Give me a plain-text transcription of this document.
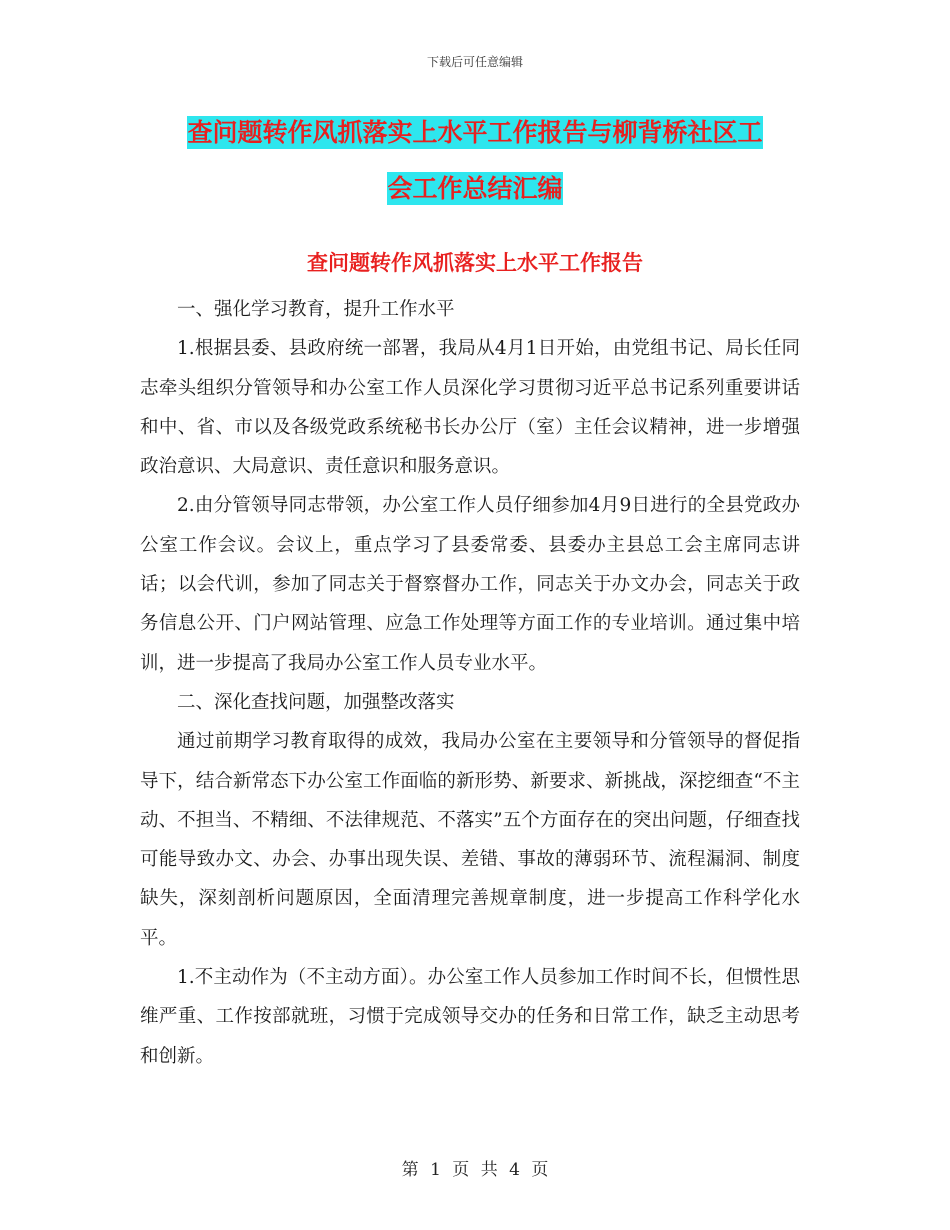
下载后可任意编辑
查问题转作风抓落实上水平工作报告与柳背桥社区工
会工作总结汇编
查问题转作风抓落实上水平工作报告

一、强化学习教育，提升工作水平

1.根据县委、县政府统一部署，我局从4月1日开始，由党组书记、局长任同志牵头组织分管领导和办公室工作人员深化学习贯彻习近平总书记系列重要讲话和中、省、市以及各级党政系统秘书长办公厅（室）主任会议精神，进一步增强政治意识、大局意识、责任意识和服务意识。

2.由分管领导同志带领，办公室工作人员仔细参加4月9日进行的全县党政办公室工作会议。会议上，重点学习了县委常委、县委办主县总工会主席同志讲话；以会代训，参加了同志关于督察督办工作，同志关于办文办会，同志关于政务信息公开、门户网站管理、应急工作处理等方面工作的专业培训。通过集中培训，进一步提高了我局办公室工作人员专业水平。

二、深化查找问题，加强整改落实

通过前期学习教育取得的成效，我局办公室在主要领导和分管领导的督促指导下，结合新常态下办公室工作面临的新形势、新要求、新挑战，深挖细查“不主动、不担当、不精细、不法律规范、不落实”五个方面存在的突出问题，仔细查找可能导致办文、办会、办事出现失误、差错、事故的薄弱环节、流程漏洞、制度缺失，深刻剖析问题原因，全面清理完善规章制度，进一步提高工作科学化水平。

1.不主动作为（不主动方面）。办公室工作人员参加工作时间不长，但惯性思维严重、工作按部就班，习惯于完成领导交办的任务和日常工作，缺乏主动思考和创新。

第 1 页 共 4 页
